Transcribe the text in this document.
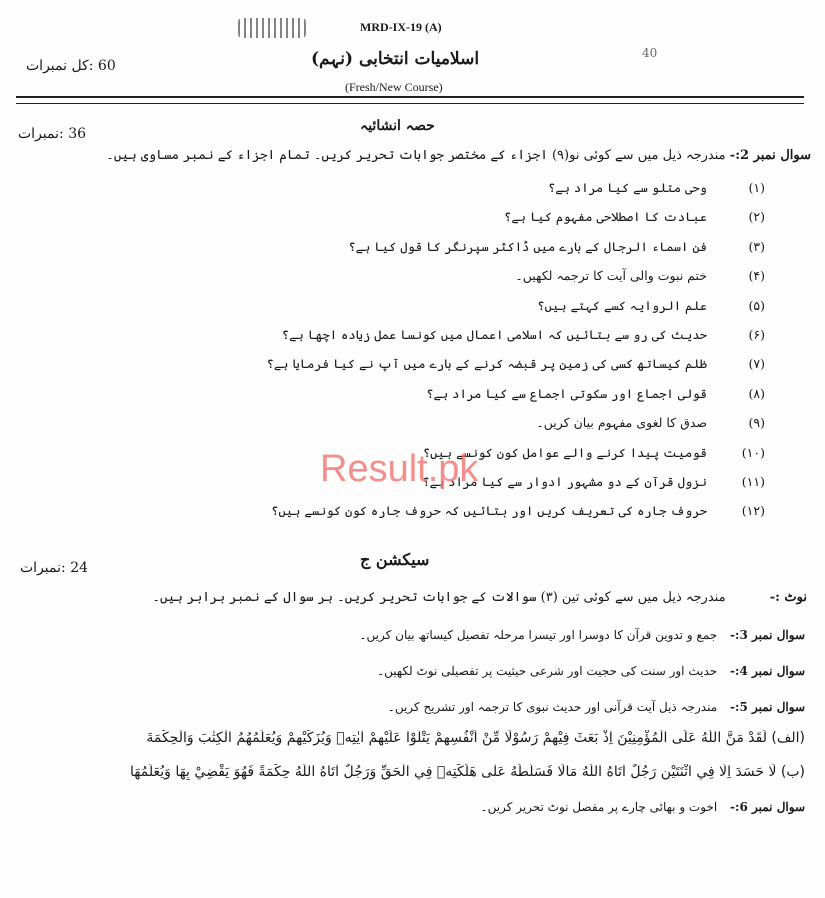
MRD-IX-19 (A)
60 :کل نمبرات
40
اسلامیات انتخابی (نہم)
(Fresh/New Course)
حصہ انشائیہ
36 :نمبرات
سوال نمبر 2:- مندرجہ ذیل میں سے کوئی نو(۹) اجزاء کے مختصر جوابات تحریر کریں۔ تمام اجزاء کے نمبر مساوی ہیں۔
(۱)وحی متلو سے کیا مراد ہے؟
(۲)عبادت کا اصطلاحی مفہوم کیا ہے؟
(۳)فن اسماء الرجال کے بارے میں ڈاکٹر سپرنگر کا قول کیا ہے؟
(۴)ختم نبوت والی آیت کا ترجمہ لکھیں۔
(۵)علم الروایہ کسے کہتے ہیں؟
(۶)حدیث کی رو سے بتائیں کہ اسلامی اعمال میں کونسا عمل زیادہ اچھا ہے؟
(۷)ظلم کیساتھ کسی کی زمین پر قبضہ کرنے کے بارے میں آپ نے کیا فرمایا ہے؟
(۸)قولی اجماع اور سکوتی اجماع سے کیا مراد ہے؟
(۹)صدق کا لغوی مفہوم بیان کریں۔
(۱۰)قومیت پیدا کرنے والے عوامل کون کونسے ہیں؟
(۱۱)نزول قرآن کے دو مشہور ادوار سے کیا مراد ہے؟
(۱۲)حروف جارہ کی تعریف کریں اور بتائیں کہ حروف جارہ کون کونسے ہیں؟
سیکشن ج
24 :نمبرات
نوٹ :- مندرجہ ذیل میں سے کوئی تین (۳) سوالات کے جوابات تحریر کریں۔ ہر سوال کے نمبر برابر ہیں۔
سوال نمبر 3:- جمع و تدوین قرآن کا دوسرا اور تیسرا مرحلہ تفصیل کیساتھ بیان کریں۔
سوال نمبر 4:- حدیث اور سنت کی حجیت اور شرعی حیثیت پر تفصیلی نوٹ لکھیں۔
سوال نمبر 5:- مندرجہ ذیل آیت قرآنی اور حدیث نبوی کا ترجمہ اور تشریح کریں۔
(الف) لَقَدْ مَنَّ اللّٰهُ عَلَى الْمُؤْمِنِيْنَ اِذْ بَعَثَ فِيْهِمْ رَسُوْلًا مِّنْ اَنْفُسِهِمْ يَتْلُوْا عَلَيْهِمْ اٰيٰتِهٖ وَيُزَكِّيْهِمْ وَيُعَلِّمُهُمُ الْكِتٰبَ وَالْحِكْمَةَ
(ب) لَا حَسَدَ اِلَّا فِي اثْنَتَيْنِ رَجُلٌ اٰتَاهُ اللّٰهُ مَالًا فَسَلَّطَهُ عَلٰى هَلَكَتِهٖ فِي الْحَقِّ وَرَجُلٌ اٰتَاهُ اللّٰهُ حِكْمَةً فَهُوَ يَقْضِيْ بِهَا وَيُعَلِّمُهَا
سوال نمبر 6:- اخوت و بھائی چارے پر مفصل نوٹ تحریر کریں۔
Result.pk
